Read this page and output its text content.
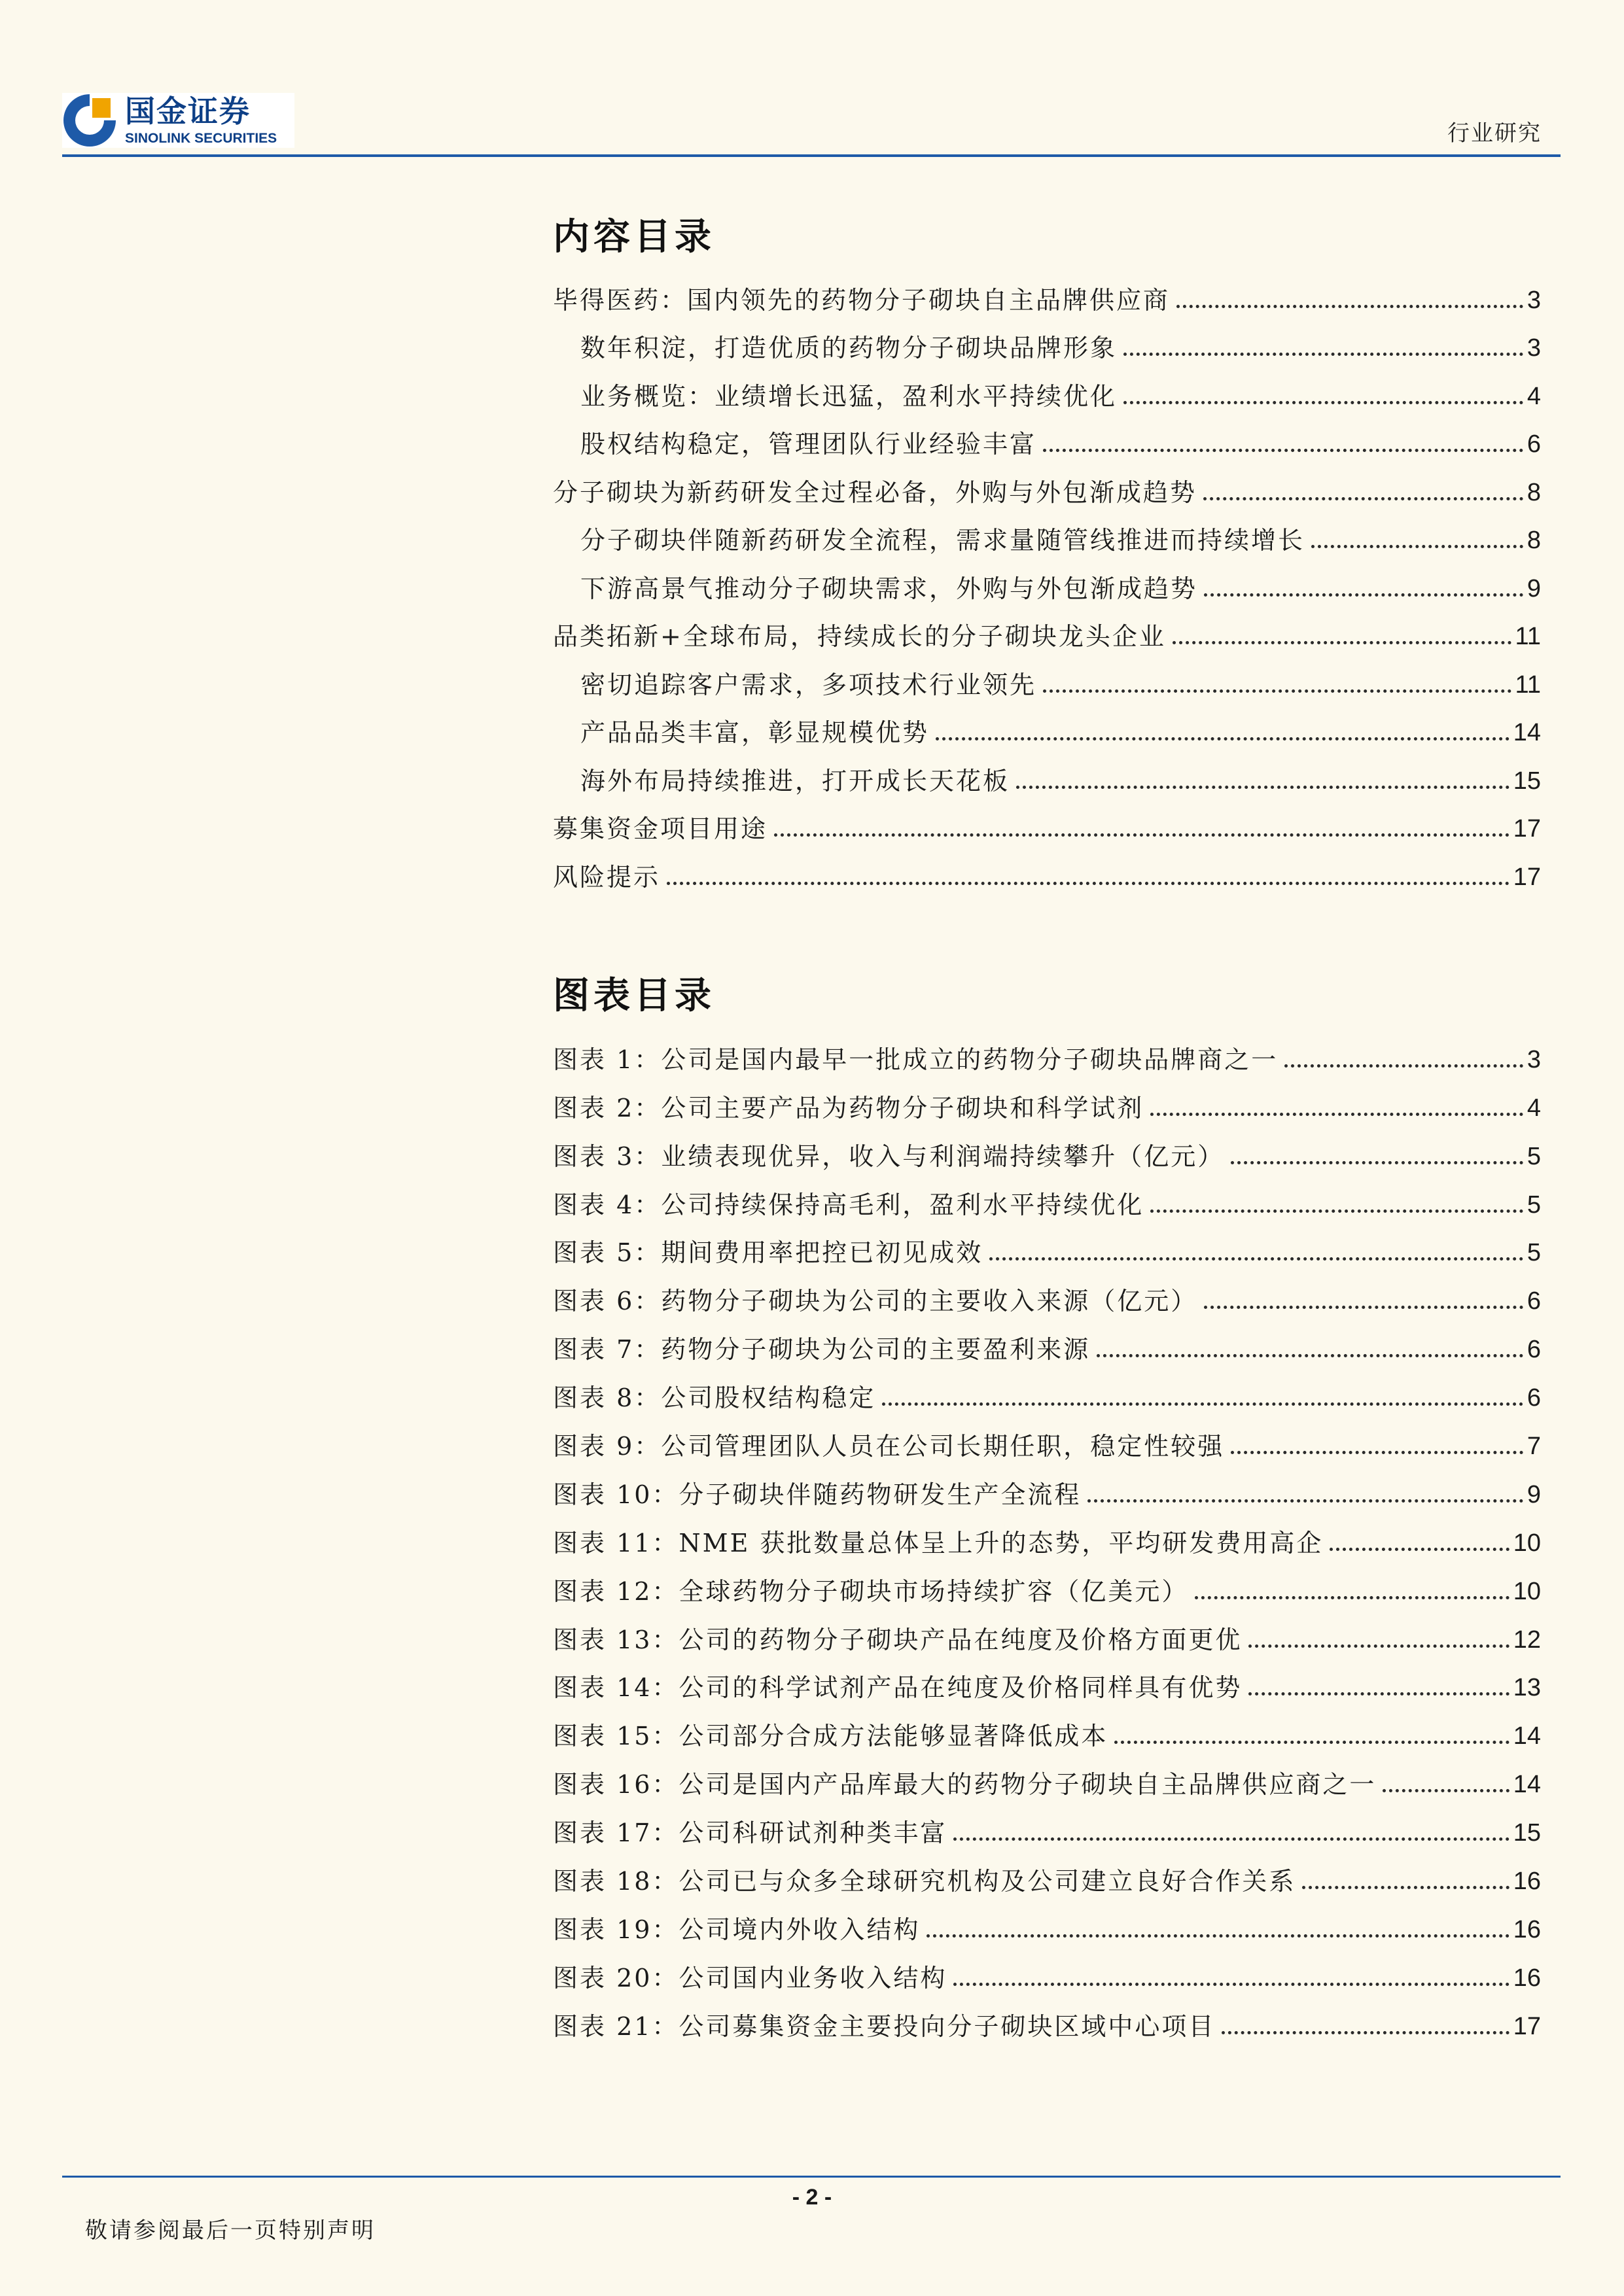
国金证券
SINOLINK SECURITIES	行业研究
内容目录
毕得医药：国内领先的药物分子砌块自主品牌供应商	3
数年积淀，打造优质的药物分子砌块品牌形象	3
业务概览：业绩增长迅猛，盈利水平持续优化	4
股权结构稳定，管理团队行业经验丰富	6
分子砌块为新药研发全过程必备，外购与外包渐成趋势	8
分子砌块伴随新药研发全流程，需求量随管线推进而持续增长	8
下游高景气推动分子砌块需求，外购与外包渐成趋势	9
品类拓新+全球布局，持续成长的分子砌块龙头企业	11
密切追踪客户需求，多项技术行业领先	11
产品品类丰富，彰显规模优势	14
海外布局持续推进，打开成长天花板	15
募集资金项目用途	17
风险提示	17
图表目录
图表 1：公司是国内最早一批成立的药物分子砌块品牌商之一	3
图表 2：公司主要产品为药物分子砌块和科学试剂	4
图表 3：业绩表现优异，收入与利润端持续攀升（亿元）	5
图表 4：公司持续保持高毛利，盈利水平持续优化	5
图表 5：期间费用率把控已初见成效	5
图表 6：药物分子砌块为公司的主要收入来源（亿元）	6
图表 7：药物分子砌块为公司的主要盈利来源	6
图表 8：公司股权结构稳定	6
图表 9：公司管理团队人员在公司长期任职，稳定性较强	7
图表 10：分子砌块伴随药物研发生产全流程	9
图表 11：NME 获批数量总体呈上升的态势，平均研发费用高企	10
图表 12：全球药物分子砌块市场持续扩容（亿美元）	10
图表 13：公司的药物分子砌块产品在纯度及价格方面更优	12
图表 14：公司的科学试剂产品在纯度及价格同样具有优势	13
图表 15：公司部分合成方法能够显著降低成本	14
图表 16：公司是国内产品库最大的药物分子砌块自主品牌供应商之一	14
图表 17：公司科研试剂种类丰富	15
图表 18：公司已与众多全球研究机构及公司建立良好合作关系	16
图表 19：公司境内外收入结构	16
图表 20：公司国内业务收入结构	16
图表 21：公司募集资金主要投向分子砌块区域中心项目	17
- 2 -
敬请参阅最后一页特别声明
